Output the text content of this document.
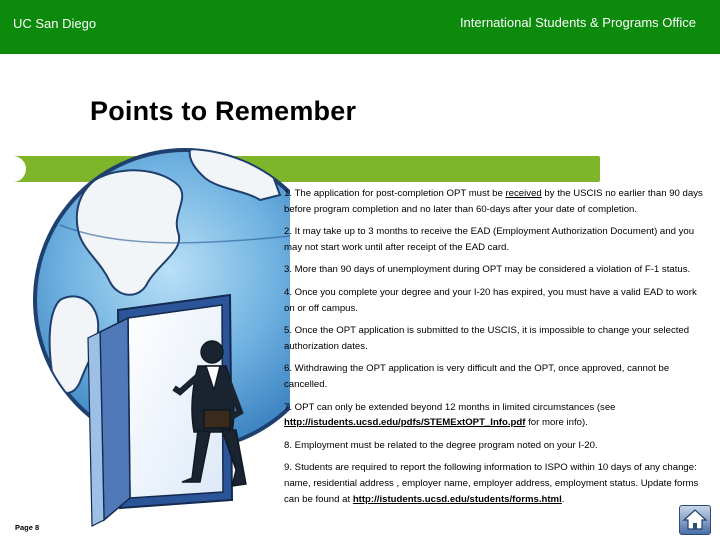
UC San Diego	International Students & Programs Office
Points to Remember

1. The application for post-completion OPT must be received by the USCIS no earlier than 90 days before program completion and no later than 60-days after your date of completion.

2. It may take up to 3 months to receive the EAD (Employment Authorization Document) and you may not start work until after receipt of the EAD card.

3. More than 90 days of unemployment during OPT may be considered a violation of F-1 status.

4. Once you complete your degree and your I-20 has expired, you must have a valid EAD to work on or off campus.

5. Once the OPT application is submitted to the USCIS, it is impossible to change your selected authorization dates.

6. Withdrawing the OPT application is very difficult and the OPT, once approved, cannot be cancelled.

7. OPT can only be extended beyond 12 months in limited circumstances (see http://istudents.ucsd.edu/pdfs/STEMExtOPT_Info.pdf for more info).

8. Employment must be related to the degree program noted on your I-20.

9. Students are required to report the following information to ISPO within 10 days of any change: name, residential address , employer name, employer address, employment status. Update forms can be found at http://istudents.ucsd.edu/students/forms.html.

Page 8
